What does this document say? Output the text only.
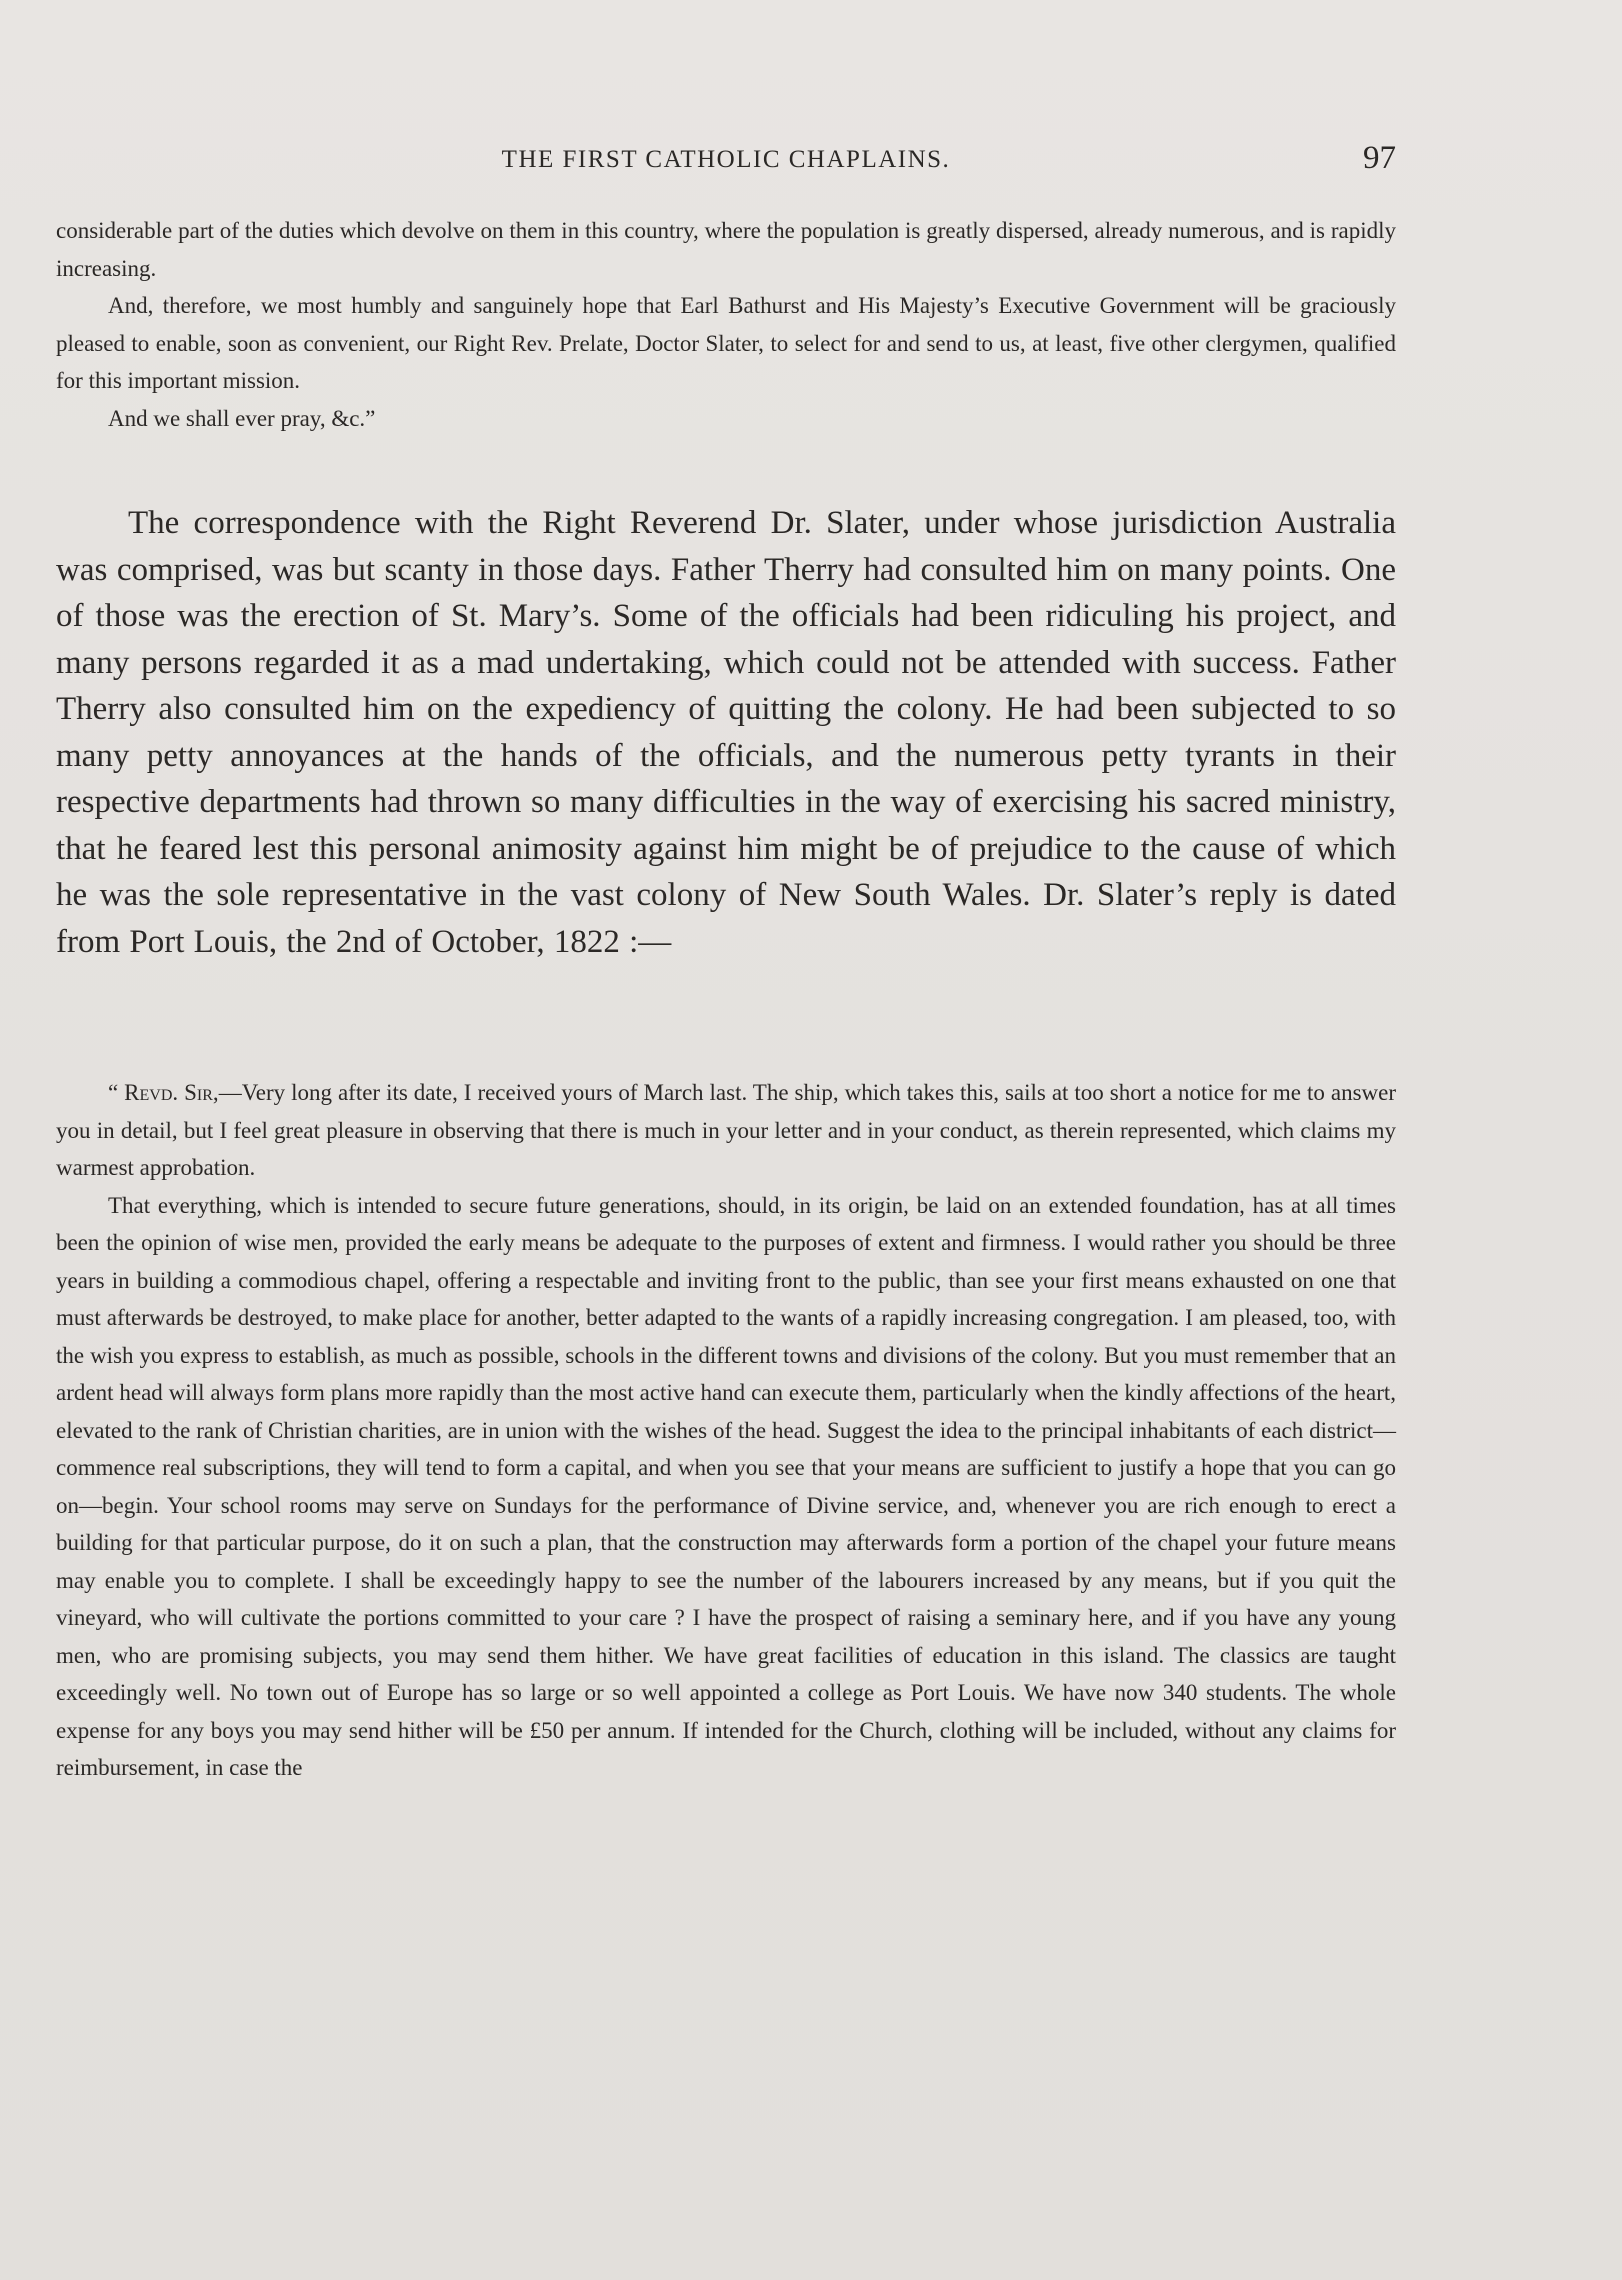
THE FIRST CATHOLIC CHAPLAINS.	97

considerable part of the duties which devolve on them in this country, where the population is greatly dispersed, already numerous, and is rapidly increasing.

And, therefore, we most humbly and sanguinely hope that Earl Bathurst and His Majesty’s Executive Government will be graciously pleased to enable, soon as convenient, our Right Rev. Prelate, Doctor Slater, to select for and send to us, at least, five other clergymen, qualified for this important mission.

And we shall ever pray, &c.”

The correspondence with the Right Reverend Dr. Slater, under whose jurisdiction Australia was comprised, was but scanty in those days. Father Therry had consulted him on many points. One of those was the erection of St. Mary’s. Some of the officials had been ridiculing his project, and many persons regarded it as a mad undertaking, which could not be attended with success. Father Therry also consulted him on the expediency of quitting the colony. He had been subjected to so many petty annoyances at the hands of the officials, and the numerous petty tyrants in their respective departments had thrown so many difficulties in the way of exercising his sacred ministry, that he feared lest this personal animosity against him might be of prejudice to the cause of which he was the sole representative in the vast colony of New South Wales. Dr. Slater’s reply is dated from Port Louis, the 2nd of October, 1822 :—

“ Revd. Sir,—Very long after its date, I received yours of March last. The ship, which takes this, sails at too short a notice for me to answer you in detail, but I feel great pleasure in observing that there is much in your letter and in your conduct, as therein represented, which claims my warmest approbation.

That everything, which is intended to secure future generations, should, in its origin, be laid on an extended foundation, has at all times been the opinion of wise men, provided the early means be adequate to the purposes of extent and firmness. I would rather you should be three years in building a commodious chapel, offering a respectable and inviting front to the public, than see your first means exhausted on one that must afterwards be destroyed, to make place for another, better adapted to the wants of a rapidly increasing congregation. I am pleased, too, with the wish you express to establish, as much as possible, schools in the different towns and divisions of the colony. But you must remember that an ardent head will always form plans more rapidly than the most active hand can execute them, particularly when the kindly affections of the heart, elevated to the rank of Christian charities, are in union with the wishes of the head. Suggest the idea to the principal inhabitants of each district—commence real subscriptions, they will tend to form a capital, and when you see that your means are sufficient to justify a hope that you can go on—begin. Your school rooms may serve on Sundays for the performance of Divine service, and, whenever you are rich enough to erect a building for that particular purpose, do it on such a plan, that the construction may afterwards form a portion of the chapel your future means may enable you to complete. I shall be exceedingly happy to see the number of the labourers increased by any means, but if you quit the vineyard, who will cultivate the portions committed to your care ? I have the prospect of raising a seminary here, and if you have any young men, who are promising subjects, you may send them hither. We have great facilities of education in this island. The classics are taught exceedingly well. No town out of Europe has so large or so well appointed a college as Port Louis. We have now 340 students. The whole expense for any boys you may send hither will be £50 per annum. If intended for the Church, clothing will be included, without any claims for reimbursement, in case the
